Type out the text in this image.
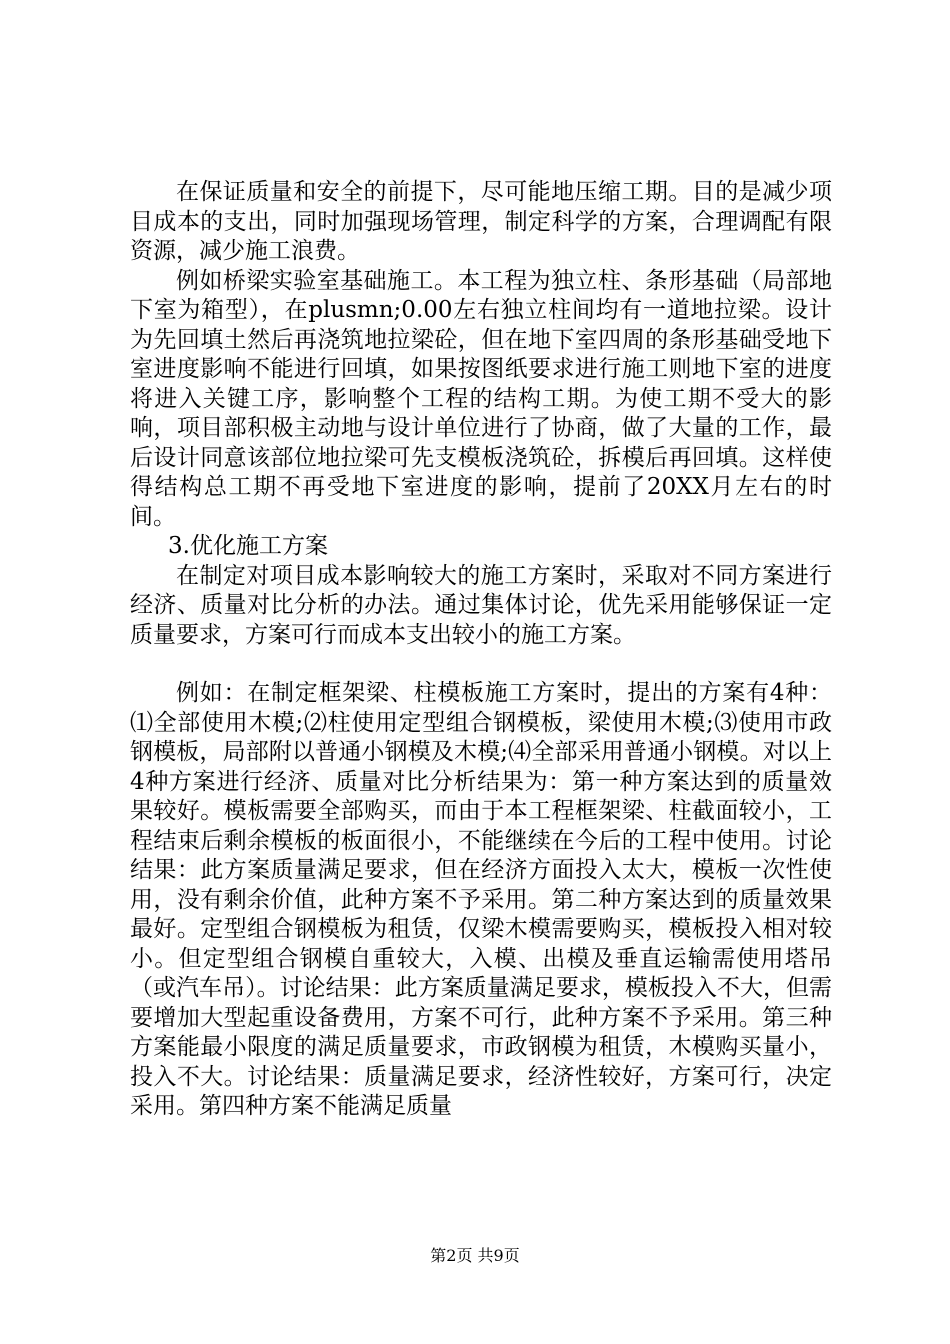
在保证质量和安全的前提下，尽可能地压缩工期。目的是减少项目成本的支出，同时加强现场管理，制定科学的方案，合理调配有限资源，减少施工浪费。

例如桥梁实验室基础施工。本工程为独立柱、条形基础（局部地下室为箱型），在plusmn;0.00左右独立柱间均有一道地拉梁。设计为先回填土然后再浇筑地拉梁砼，但在地下室四周的条形基础受地下室进度影响不能进行回填，如果按图纸要求进行施工则地下室的进度将进入关键工序，影响整个工程的结构工期。为使工期不受大的影响，项目部积极主动地与设计单位进行了协商，做了大量的工作，最后设计同意该部位地拉梁可先支模板浇筑砼，拆模后再回填。这样使得结构总工期不再受地下室进度的影响，提前了20XX月左右的时间。

3.优化施工方案

在制定对项目成本影响较大的施工方案时，采取对不同方案进行经济、质量对比分析的办法。通过集体讨论，优先采用能够保证一定质量要求，方案可行而成本支出较小的施工方案。

例如：在制定框架梁、柱模板施工方案时，提出的方案有4种：⑴全部使用木模;⑵柱使用定型组合钢模板，梁使用木模;⑶使用市政钢模板，局部附以普通小钢模及木模;⑷全部采用普通小钢模。对以上4种方案进行经济、质量对比分析结果为：第一种方案达到的质量效果较好。模板需要全部购买，而由于本工程框架梁、柱截面较小，工程结束后剩余模板的板面很小，不能继续在今后的工程中使用。讨论结果：此方案质量满足要求，但在经济方面投入太大，模板一次性使用，没有剩余价值，此种方案不予采用。第二种方案达到的质量效果最好。定型组合钢模板为租赁，仅梁木模需要购买，模板投入相对较小。但定型组合钢模自重较大，入模、出模及垂直运输需使用塔吊（或汽车吊）。讨论结果：此方案质量满足要求，模板投入不大，但需要增加大型起重设备费用，方案不可行，此种方案不予采用。第三种方案能最小限度的满足质量要求，市政钢模为租赁，木模购买量小，投入不大。讨论结果：质量满足要求，经济性较好，方案可行，决定采用。第四种方案不能满足质量

第2页 共9页
